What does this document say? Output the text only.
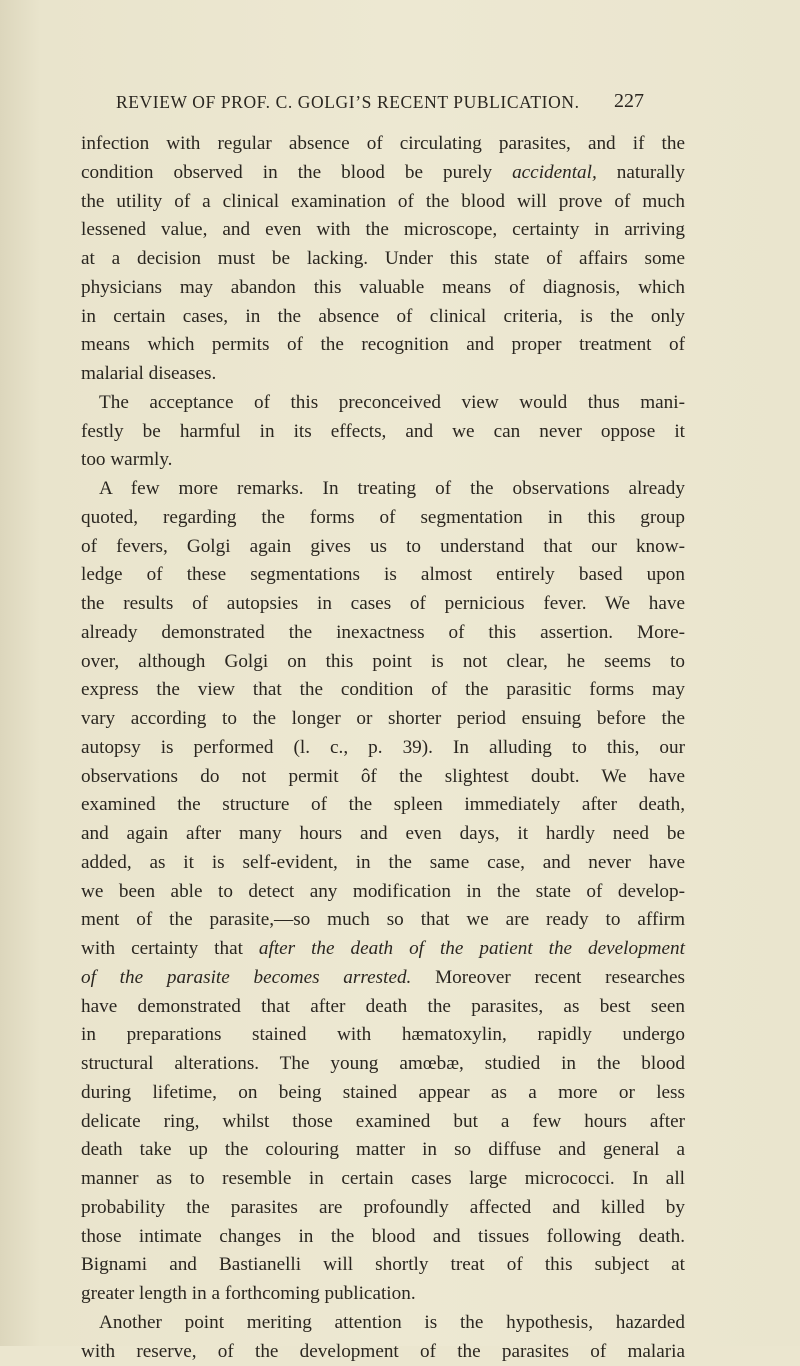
REVIEW OF PROF. C. GOLGI’S RECENT PUBLICATION. 227
infection with regular absence of circulating parasites, and if the
condition observed in the blood be purely accidental, naturally
the utility of a clinical examination of the blood will prove of much
lessened value, and even with the microscope, certainty in arriving
at a decision must be lacking. Under this state of affairs some
physicians may abandon this valuable means of diagnosis, which
in certain cases, in the absence of clinical criteria, is the only
means which permits of the recognition and proper treatment of
malarial diseases.
The acceptance of this preconceived view would thus mani-
festly be harmful in its effects, and we can never oppose it
too warmly.
A few more remarks. In treating of the observations already
quoted, regarding the forms of segmentation in this group
of fevers, Golgi again gives us to understand that our know-
ledge of these segmentations is almost entirely based upon
the results of autopsies in cases of pernicious fever. We have
already demonstrated the inexactness of this assertion. More-
over, although Golgi on this point is not clear, he seems to
express the view that the condition of the parasitic forms may
vary according to the longer or shorter period ensuing before the
autopsy is performed (l. c., p. 39). In alluding to this, our
observations do not permit ôf the slightest doubt. We have
examined the structure of the spleen immediately after death,
and again after many hours and even days, it hardly need be
added, as it is self-evident, in the same case, and never have
we been able to detect any modification in the state of develop-
ment of the parasite,—so much so that we are ready to affirm
with certainty that after the death of the patient the development
of the parasite becomes arrested. Moreover recent researches
have demonstrated that after death the parasites, as best seen
in preparations stained with hæmatoxylin, rapidly undergo
structural alterations. The young amœbæ, studied in the blood
during lifetime, on being stained appear as a more or less
delicate ring, whilst those examined but a few hours after
death take up the colouring matter in so diffuse and general a
manner as to resemble in certain cases large micrococci. In all
probability the parasites are profoundly affected and killed by
those intimate changes in the blood and tissues following death.
Bignami and Bastianelli will shortly treat of this subject at
greater length in a forthcoming publication.
Another point meriting attention is the hypothesis, hazarded
with reserve, of the development of the parasites of malaria
